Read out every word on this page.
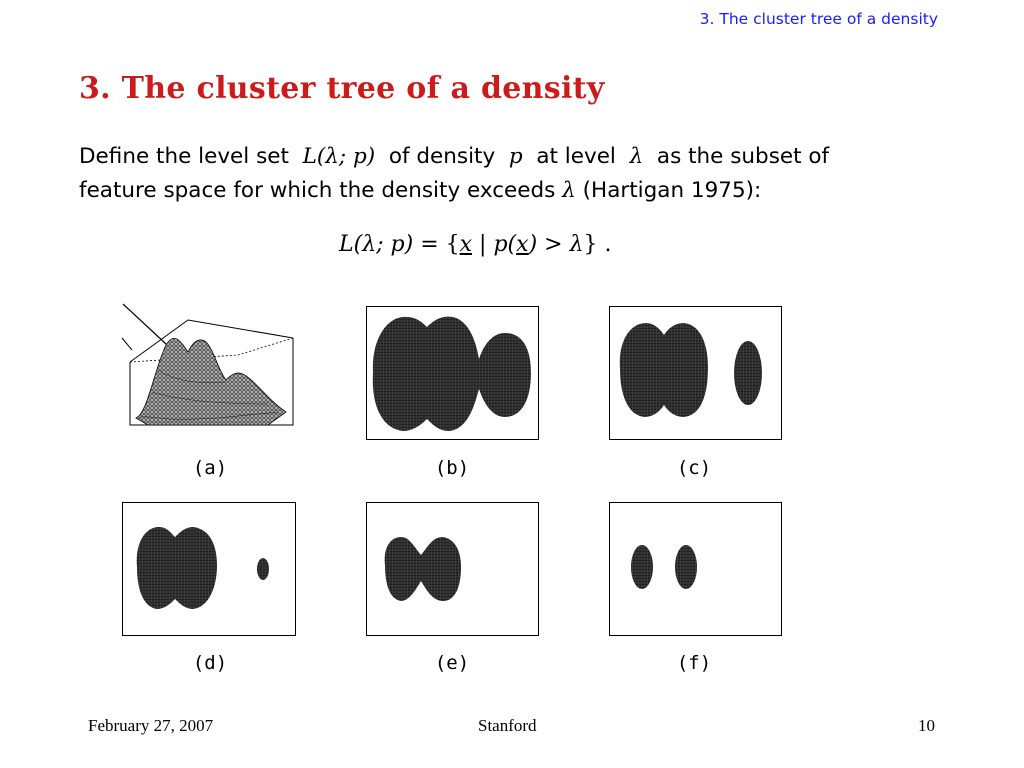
3. The cluster tree of a density
3. The cluster tree of a density
Define the level set L(λ; p) of density p at level λ as the subset of
feature space for which the density exceeds λ (Hartigan 1975):
L(λ; p) = {x | p(x) > λ} .
(a)	(b)	(c)
(d)	(e)	(f)
February 27, 2007	Stanford	10
